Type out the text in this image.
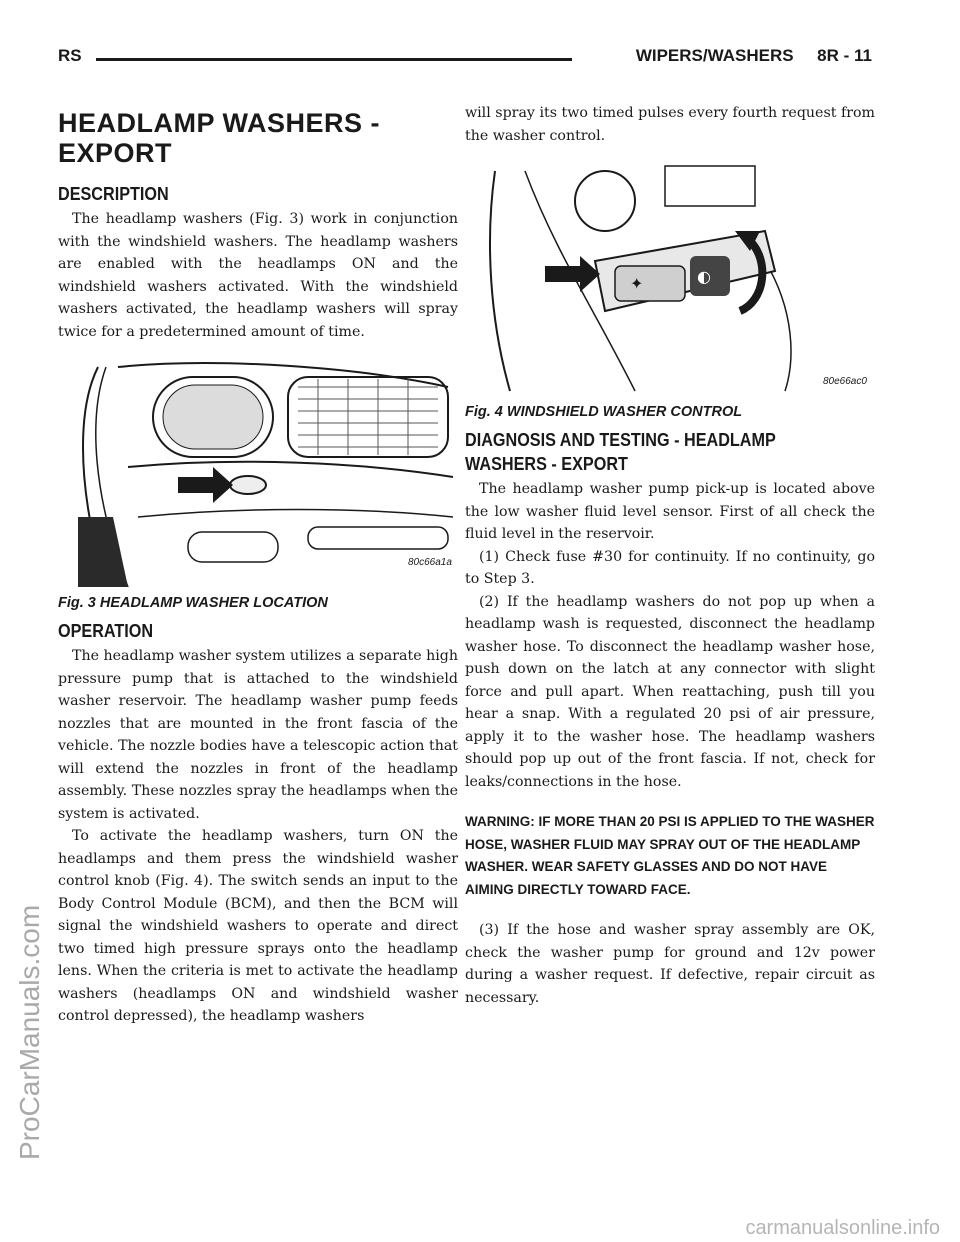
RS	WIPERS/WASHERS     8R - 11
HEADLAMP WASHERS - EXPORT
DESCRIPTION

The headlamp washers (Fig. 3) work in conjunction with the windshield washers. The headlamp washers are enabled with the headlamps ON and the windshield washers activated. With the windshield washers activated, the headlamp washers will spray twice for a predetermined amount of time.

80c66a1a
Fig. 3 HEADLAMP WASHER LOCATION
OPERATION

The headlamp washer system utilizes a separate high pressure pump that is attached to the windshield washer reservoir. The headlamp washer pump feeds nozzles that are mounted in the front fascia of the vehicle. The nozzle bodies have a telescopic action that will extend the nozzles in front of the headlamp assembly. These nozzles spray the headlamps when the system is activated.

To activate the headlamp washers, turn ON the headlamps and them press the windshield washer control knob (Fig. 4). The switch sends an input to the Body Control Module (BCM), and then the BCM will signal the windshield washers to operate and direct two timed high pressure sprays onto the headlamp lens. When the criteria is met to activate the headlamp washers (headlamps ON and windshield washer control depressed), the headlamp washers

will spray its two timed pulses every fourth request from the washer control.

✦	◐
80e66ac0
Fig. 4 WINDSHIELD WASHER CONTROL
DIAGNOSIS AND TESTING - HEADLAMP WASHERS - EXPORT

The headlamp washer pump pick-up is located above the low washer fluid level sensor. First of all check the fluid level in the reservoir.

(1) Check fuse #30 for continuity. If no continuity, go to Step 3.

(2) If the headlamp washers do not pop up when a headlamp wash is requested, disconnect the headlamp washer hose. To disconnect the headlamp washer hose, push down on the latch at any connector with slight force and pull apart. When reattaching, push till you hear a snap. With a regulated 20 psi of air pressure, apply it to the washer hose. The headlamp washers should pop up out of the front fascia. If not, check for leaks/connections in the hose.

WARNING: IF MORE THAN 20 PSI IS APPLIED TO THE WASHER HOSE, WASHER FLUID MAY SPRAY OUT OF THE HEADLAMP WASHER. WEAR SAFETY GLASSES AND DO NOT HAVE AIMING DIRECTLY TOWARD FACE.

(3) If the hose and washer spray assembly are OK, check the washer pump for ground and 12v power during a washer request. If defective, repair circuit as necessary.

ProCarManuals.com
carmanualsonline.info
